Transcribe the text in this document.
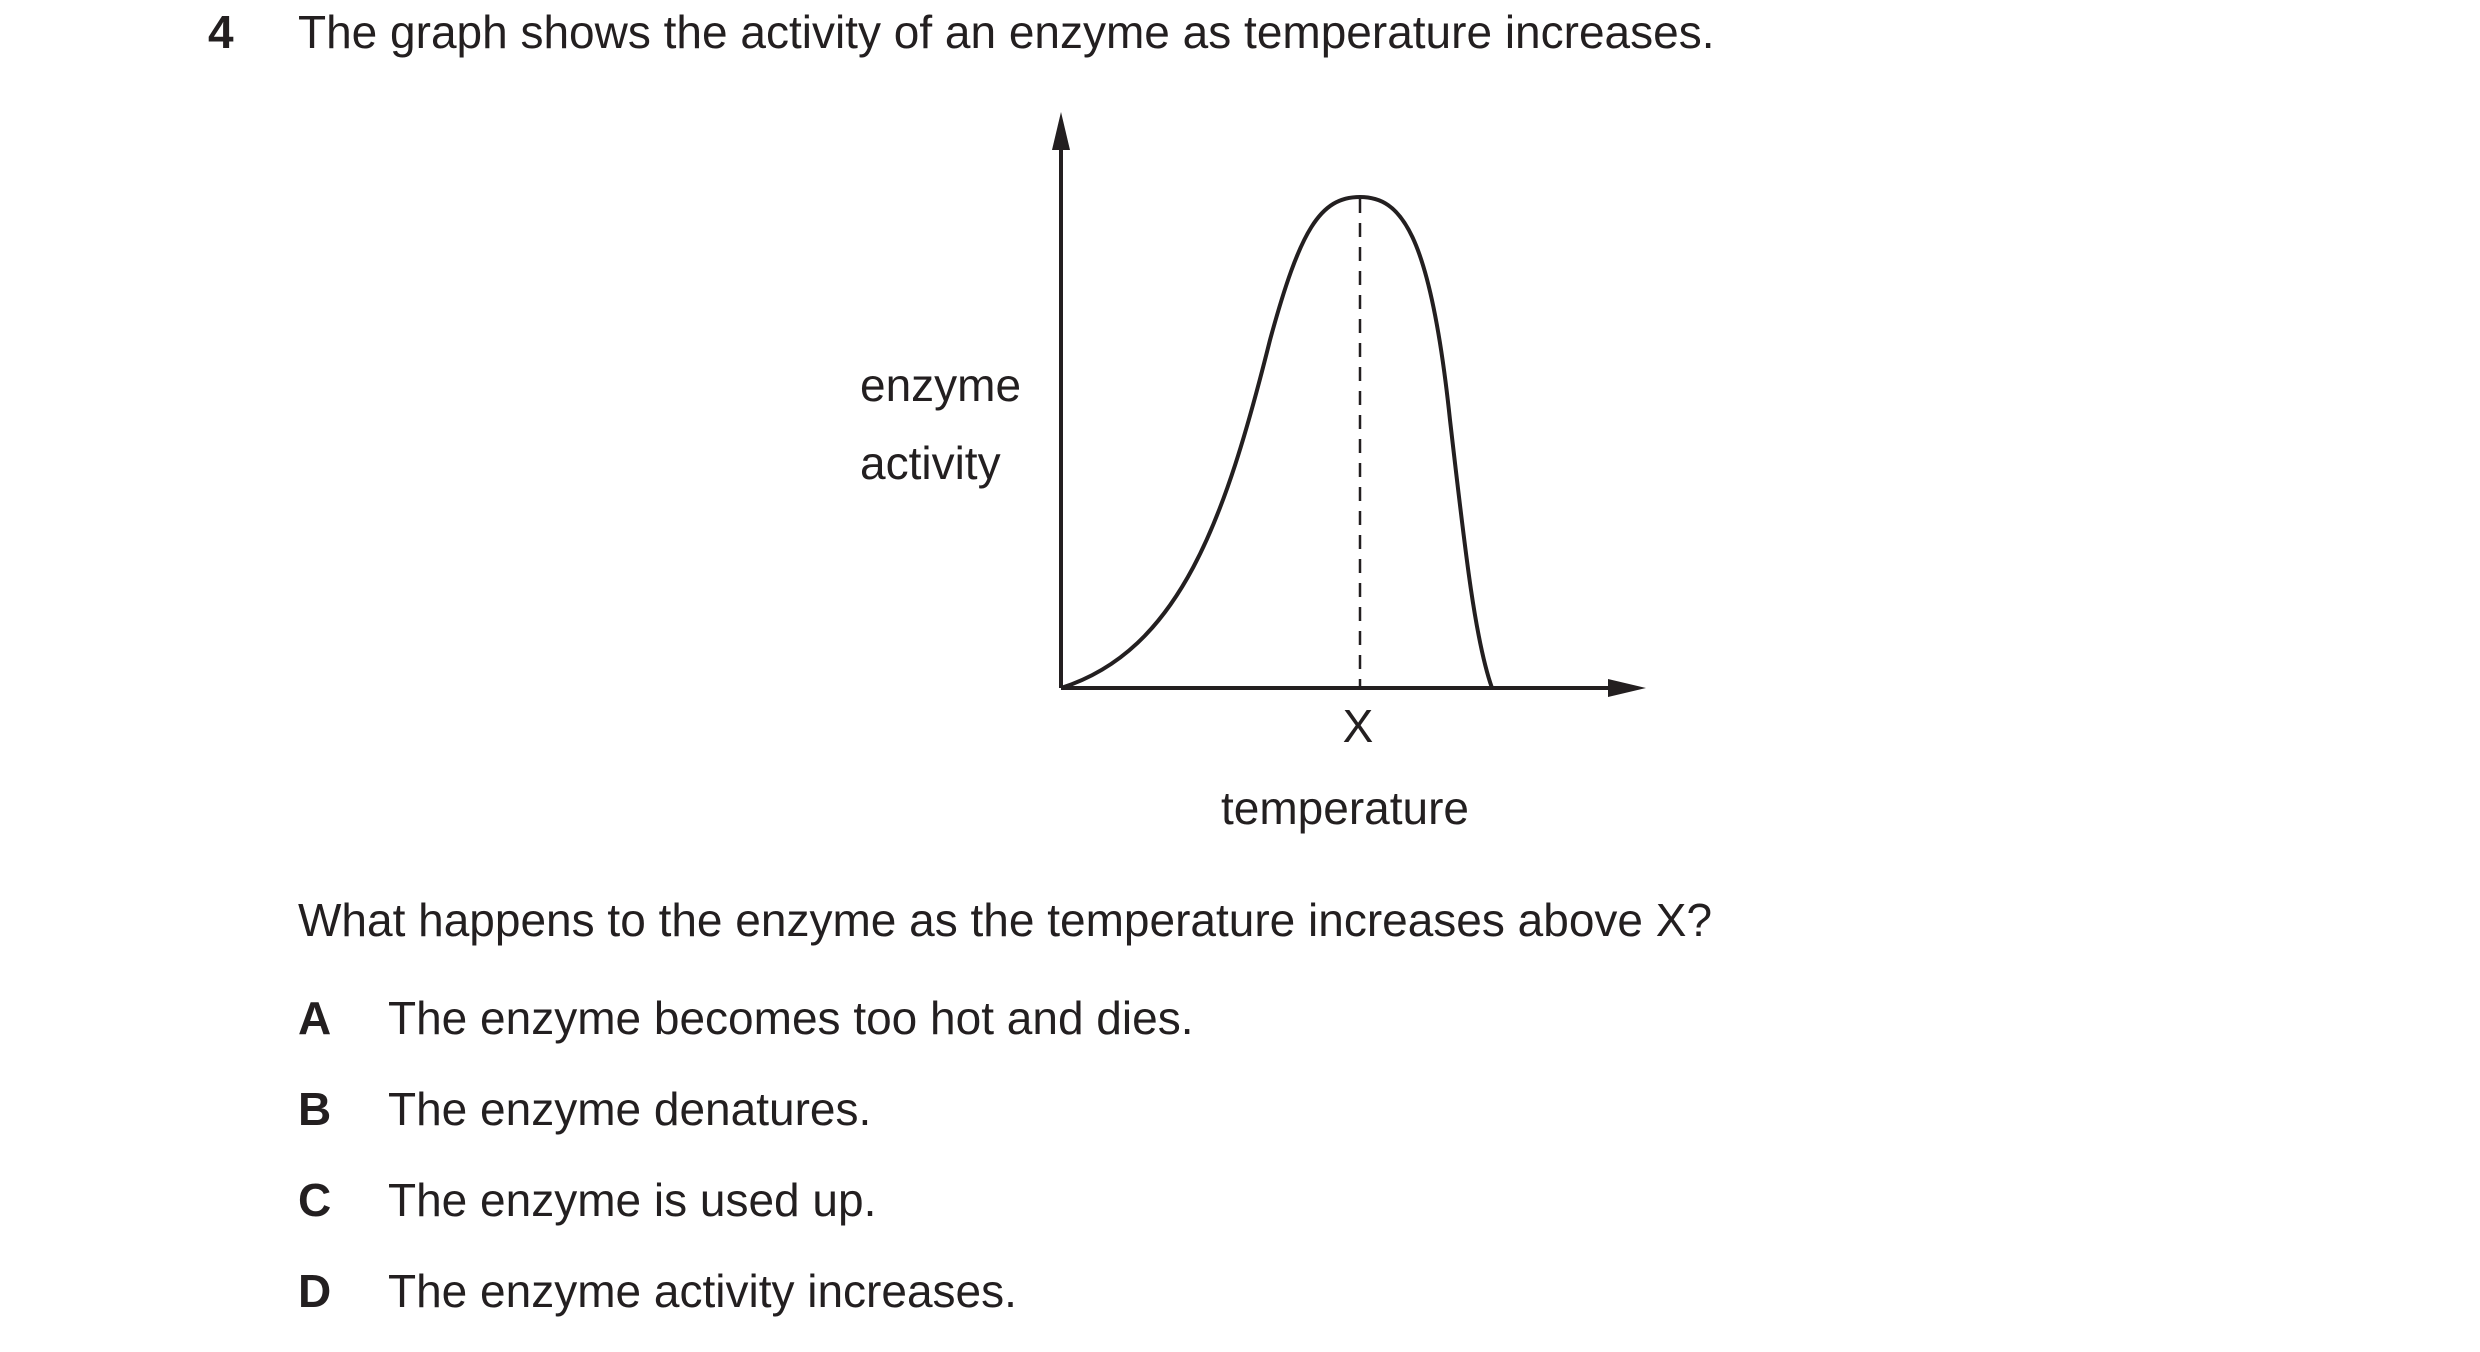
4 The graph shows the activity of an enzyme as temperature increases.
enzyme
activity
X
temperature
What happens to the enzyme as the temperature increases above X?
A	The enzyme becomes too hot and dies.
B	The enzyme denatures.
C	The enzyme is used up.
D	The enzyme activity increases.
